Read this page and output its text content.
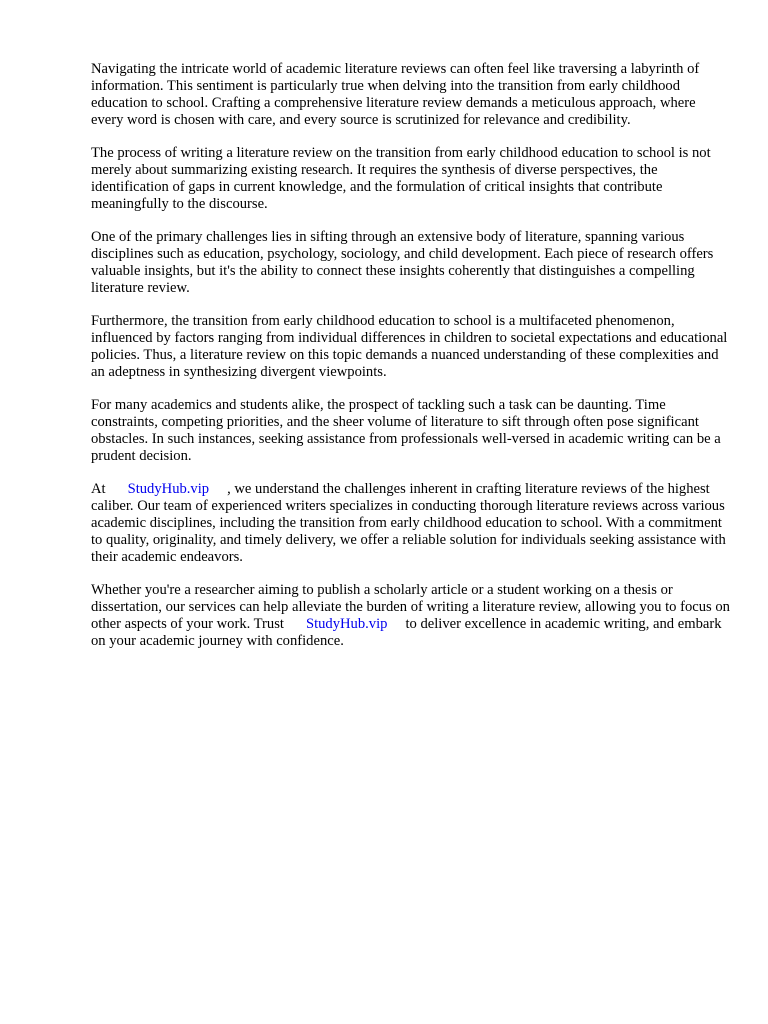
Navigating the intricate world of academic literature reviews can often feel like traversing a labyrinth of information. This sentiment is particularly true when delving into the transition from early childhood education to school. Crafting a comprehensive literature review demands a meticulous approach, where every word is chosen with care, and every source is scrutinized for relevance and credibility.

The process of writing a literature review on the transition from early childhood education to school is not merely about summarizing existing research. It requires the synthesis of diverse perspectives, the identification of gaps in current knowledge, and the formulation of critical insights that contribute meaningfully to the discourse.

One of the primary challenges lies in sifting through an extensive body of literature, spanning various disciplines such as education, psychology, sociology, and child development. Each piece of research offers valuable insights, but it's the ability to connect these insights coherently that distinguishes a compelling literature review.

Furthermore, the transition from early childhood education to school is a multifaceted phenomenon, influenced by factors ranging from individual differences in children to societal expectations and educational policies. Thus, a literature review on this topic demands a nuanced understanding of these complexities and an adeptness in synthesizing divergent viewpoints.

For many academics and students alike, the prospect of tackling such a task can be daunting. Time constraints, competing priorities, and the sheer volume of literature to sift through often pose significant obstacles. In such instances, seeking assistance from professionals well-versed in academic writing can be a prudent decision.

At StudyHub.vip , we understand the challenges inherent in crafting literature reviews of the highest caliber. Our team of experienced writers specializes in conducting thorough literature reviews across various academic disciplines, including the transition from early childhood education to school. With a commitment to quality, originality, and timely delivery, we offer a reliable solution for individuals seeking assistance with their academic endeavors.

Whether you're a researcher aiming to publish a scholarly article or a student working on a thesis or dissertation, our services can help alleviate the burden of writing a literature review, allowing you to focus on other aspects of your work. Trust StudyHub.vip to deliver excellence in academic writing, and embark on your academic journey with confidence.
